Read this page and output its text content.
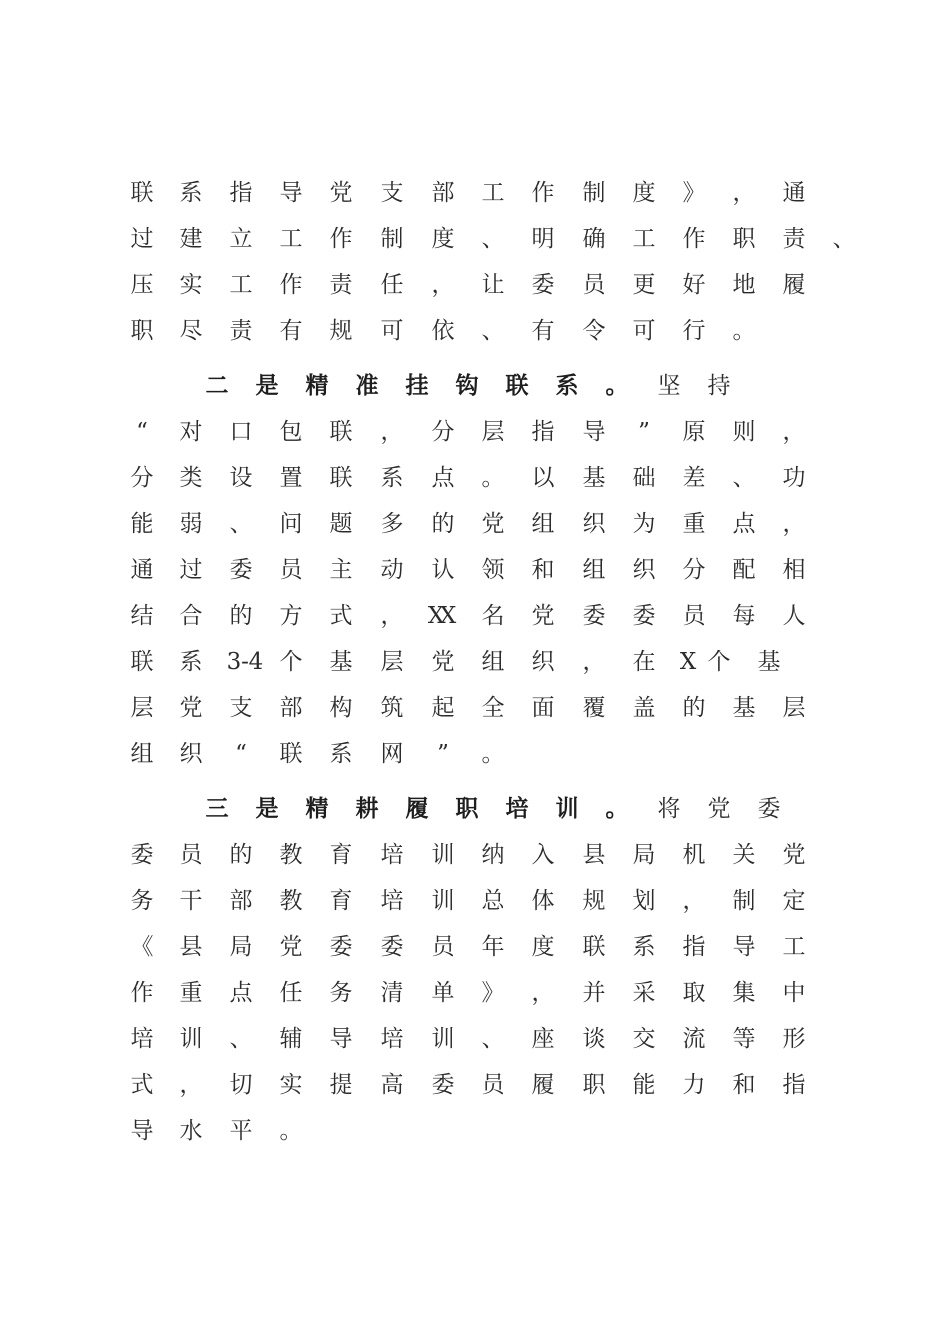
联 系 指 导 党 支 部 工 作 制 度 》 ， 通
过 建 立 工 作 制 度 、 明 确 工 作 职 责 、
压 实 工 作 责 任 ， 让 委 员 更 好 地 履
职 尽 责 有 规 可 依 、 有 令 可 行 。
二 是 精 准 挂 钩 联 系 。 坚 持
“	对 口 包 联 ， 分 层 指 导	”	原 则 ，
分 类 设 置 联 系 点 。 以 基 础 差 、 功
能 弱 、 问 题 多 的 党 组 织 为 重 点 ，
通 过 委 员 主 动 认 领 和 组 织 分 配 相
结 合 的 方 式 ， X
X 名 党 委 委 员 每 人
联 系 3 - 4 个 基 层 党 组 织 ， 在 X 个 基
层 党 支 部 构 筑 起 全 面 覆 盖 的 基 层
组 织	“	联 系 网	”	。
三 是 精 耕 履 职 培 训 。 将 党 委
委 员 的 教 育 培 训 纳 入 县 局 机 关 党
务 干 部 教 育 培 训 总 体 规 划 ， 制 定
《 县 局 党 委 委 员 年 度 联 系 指 导 工
作 重 点 任 务 清 单 》 ， 并 采 取 集 中
培 训 、 辅 导 培 训 、 座 谈 交 流 等 形
式 ， 切 实 提 高 委 员 履 职 能 力 和 指
导 水 平 。
